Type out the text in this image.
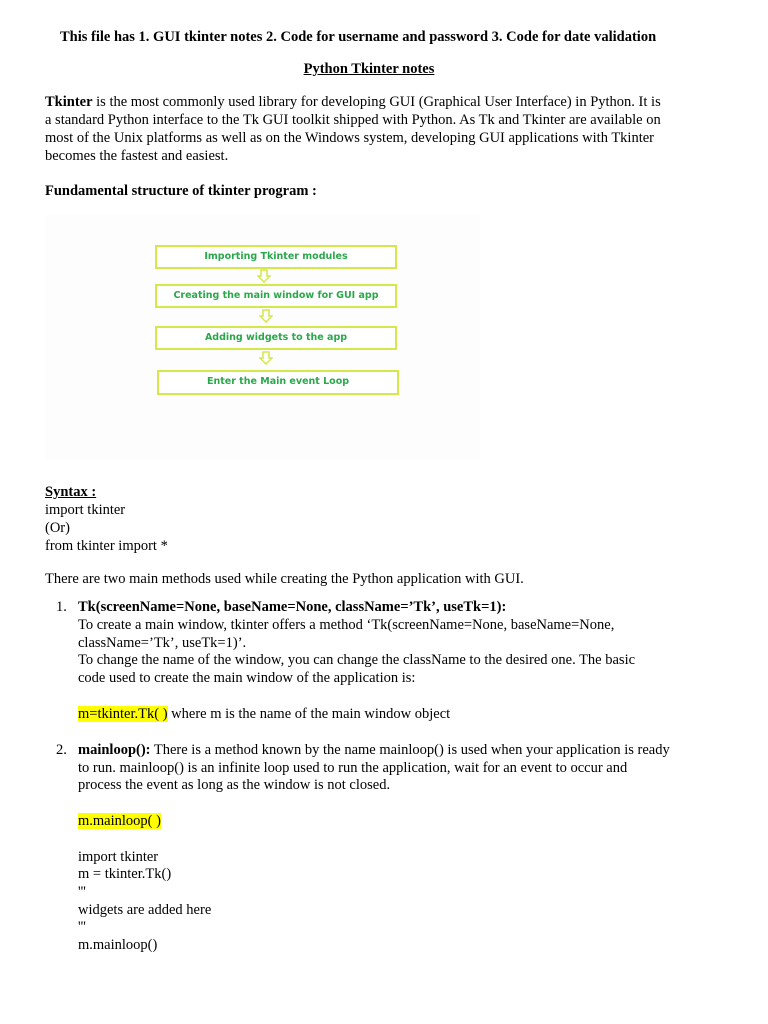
This file has 1. GUI tkinter notes 2. Code for username and password 3. Code for date validation
Python Tkinter notes
Tkinter is the most commonly used library for developing GUI (Graphical User Interface) in Python. It is
a standard Python interface to the Tk GUI toolkit shipped with Python. As Tk and Tkinter are available on
most of the Unix platforms as well as on the Windows system, developing GUI applications with Tkinter
becomes the fastest and easiest.
Fundamental structure of tkinter program :
Importing Tkinter modules
Creating the main window for GUI app
Adding widgets to the app
Enter the Main event Loop
Syntax :
import tkinter
(Or)
from tkinter import *
There are two main methods used while creating the Python application with GUI.
1. Tk(screenName=None, baseName=None, className=’Tk’, useTk=1):
To create a main window, tkinter offers a method ‘Tk(screenName=None, baseName=None,
className=’Tk’, useTk=1)’.
To change the name of the window, you can change the className to the desired one. The basic
code used to create the main window of the application is:
m=tkinter.Tk( ) where m is the name of the main window object
2. mainloop(): There is a method known by the name mainloop() is used when your application is ready
to run. mainloop() is an infinite loop used to run the application, wait for an event to occur and
process the event as long as the window is not closed.
m.mainloop( )
import tkinter
m = tkinter.Tk()
'''
widgets are added here
'''
m.mainloop()
